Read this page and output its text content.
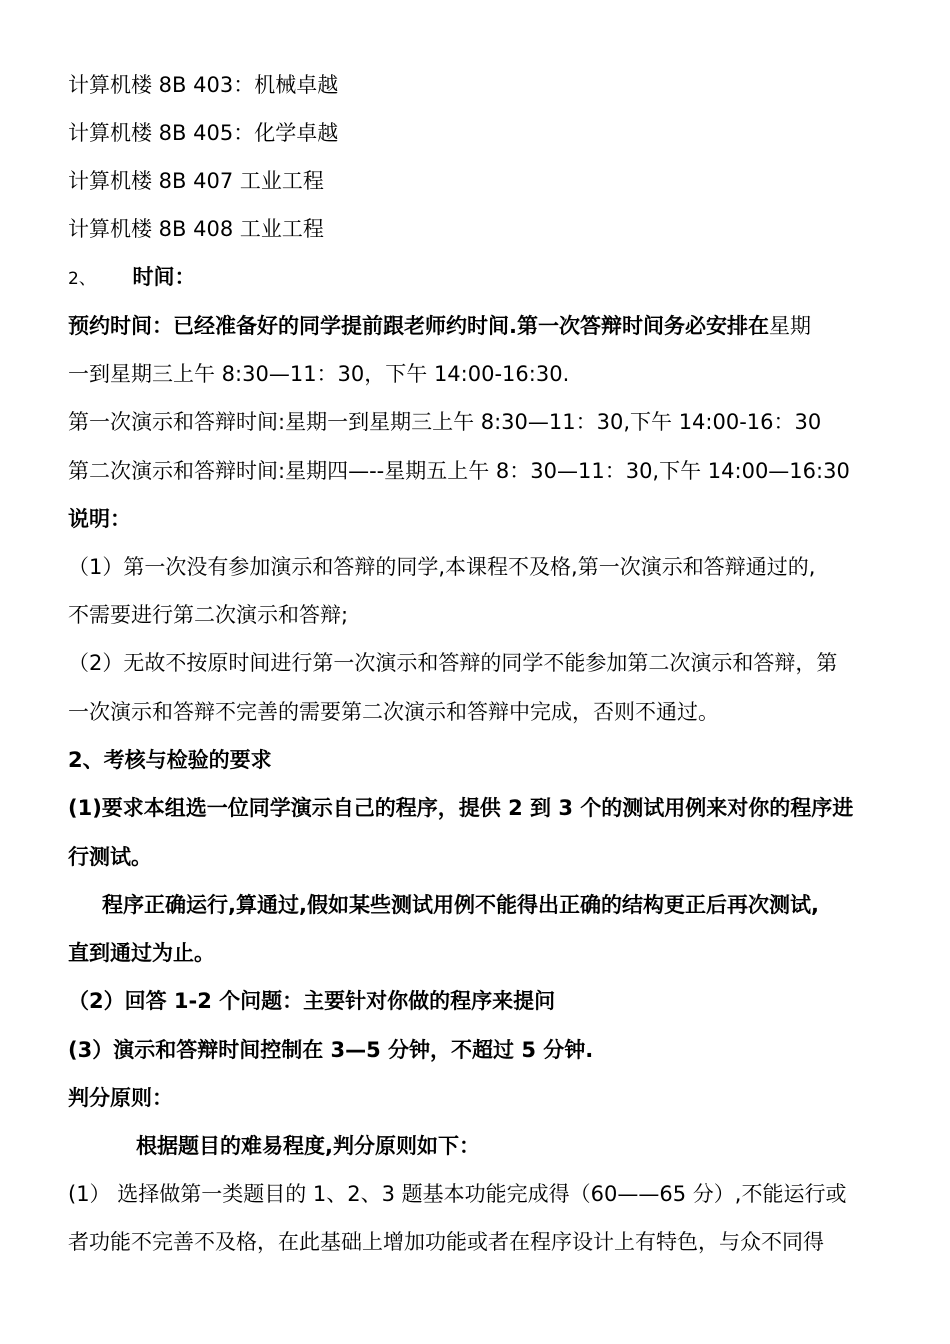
计算机楼 8B 403：机械卓越
计算机楼 8B 405：化学卓越
计算机楼 8B 407 工业工程
计算机楼 8B 408 工业工程
2、 时间：
预约时间：已经准备好的同学提前跟老师约时间.第一次答辩时间务必安排在星期
一到星期三上午 8:30—11：30，下午 14:00-16:30.
第一次演示和答辩时间:星期一到星期三上午 8:30—11：30,下午 14:00-16：30
第二次演示和答辩时间:星期四—--星期五上午 8：30—11：30,下午 14:00—16:30
说明：
（1）第一次没有参加演示和答辩的同学,本课程不及格,第一次演示和答辩通过的,
不需要进行第二次演示和答辩;
（2）无故不按原时间进行第一次演示和答辩的同学不能参加第二次演示和答辩，第
一次演示和答辩不完善的需要第二次演示和答辩中完成，否则不通过。
2、考核与检验的要求
(1)要求本组选一位同学演示自己的程序，提供 2 到 3 个的测试用例来对你的程序进
行测试。
程序正确运行,算通过,假如某些测试用例不能得出正确的结构更正后再次测试,
直到通过为止。
（2）回答 1-2 个问题：主要针对你做的程序来提问
(3）演示和答辩时间控制在 3—5 分钟，不超过 5 分钟.
判分原则：
根据题目的难易程度,判分原则如下：
(1） 选择做第一类题目的 1、2、3 题基本功能完成得（60——65 分）,不能运行或
者功能不完善不及格，在此基础上增加功能或者在程序设计上有特色，与众不同得
